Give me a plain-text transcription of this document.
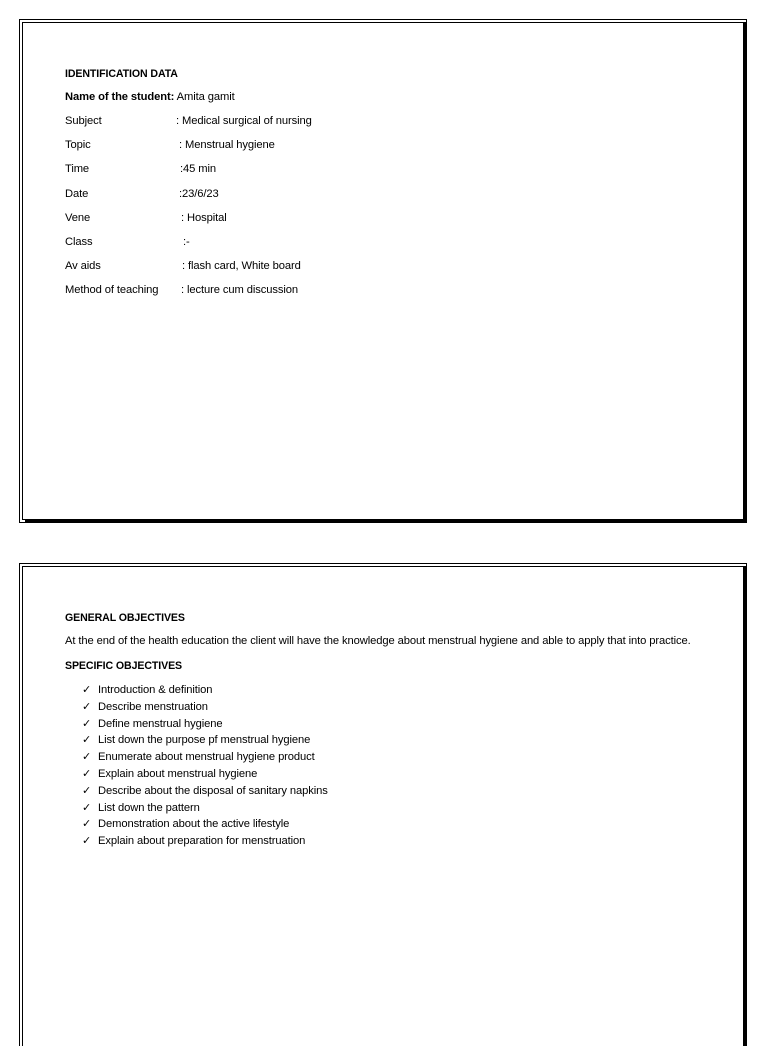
IDENTIFICATION DATA
Name of the student: Amita gamit
Subject	: Medical surgical of nursing
Topic	: Menstrual hygiene
Time	:45 min
Date	:23/6/23
Vene	: Hospital
Class	:-
Av aids	: flash card, White board
Method of teaching : lecture cum discussion
GENERAL OBJECTIVES
At the end of the health education the client will have the knowledge about menstrual hygiene and able to apply that into practice.
SPECIFIC OBJECTIVES
✓ Introduction & definition
✓ Describe menstruation
✓ Define menstrual hygiene
✓ List down the purpose pf menstrual hygiene
✓ Enumerate about menstrual hygiene product
✓ Explain about menstrual hygiene
✓ Describe about the disposal of sanitary napkins
✓ List down the pattern
✓ Demonstration about the active lifestyle
✓ Explain about preparation for menstruation
